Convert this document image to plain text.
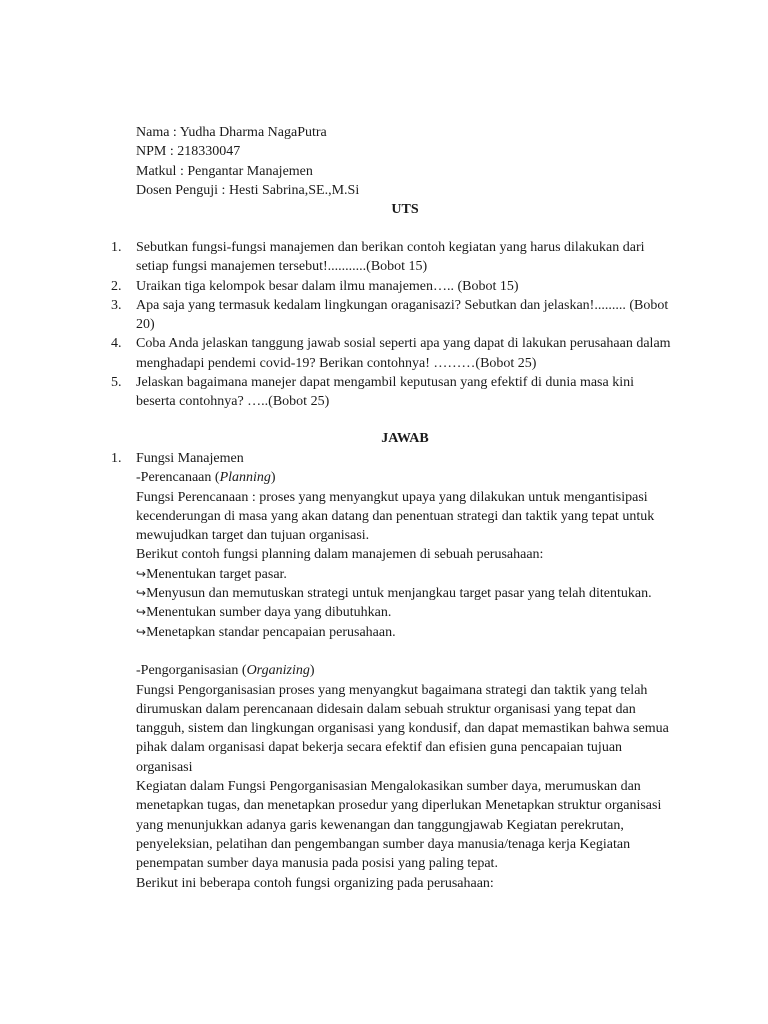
Nama : Yudha Dharma NagaPutra
NPM : 218330047
Matkul : Pengantar Manajemen
Dosen Penguji : Hesti Sabrina,SE.,M.Si
UTS
1. Sebutkan fungsi-fungsi manajemen dan berikan contoh kegiatan yang harus dilakukan dari setiap fungsi manajemen tersebut!...........(Bobot 15)
2. Uraikan tiga kelompok besar dalam ilmu manajemen….. (Bobot 15)
3. Apa saja yang termasuk kedalam lingkungan oraganisazi? Sebutkan dan jelaskan!......... (Bobot 20)
4. Coba Anda jelaskan tanggung jawab sosial seperti apa yang dapat di lakukan perusahaan dalam menghadapi pendemi covid-19? Berikan contohnya! ………(Bobot 25)
5. Jelaskan bagaimana manejer dapat mengambil keputusan yang efektif di dunia masa kini beserta contohnya? …..(Bobot 25)
JAWAB
1. Fungsi Manajemen

-Perencanaan (Planning)

Fungsi Perencanaan : proses yang menyangkut upaya yang dilakukan untuk mengantisipasi kecenderungan di masa yang akan datang dan penentuan strategi dan taktik yang tepat untuk mewujudkan target dan tujuan organisasi.

Berikut contoh fungsi planning dalam manajemen di sebuah perusahaan:

↪Menentukan target pasar.

↪Menyusun dan memutuskan strategi untuk menjangkau target pasar yang telah ditentukan.

↪Menentukan sumber daya yang dibutuhkan.

↪Menetapkan standar pencapaian perusahaan.

-Pengorganisasian (Organizing)

Fungsi Pengorganisasian proses yang menyangkut bagaimana strategi dan taktik yang telah dirumuskan dalam perencanaan didesain dalam sebuah struktur organisasi yang tepat dan tangguh, sistem dan lingkungan organisasi yang kondusif, dan dapat memastikan bahwa semua pihak dalam organisasi dapat bekerja secara efektif dan efisien guna pencapaian tujuan organisasi

Kegiatan dalam Fungsi Pengorganisasian Mengalokasikan sumber daya, merumuskan dan menetapkan tugas, dan menetapkan prosedur yang diperlukan Menetapkan struktur organisasi yang menunjukkan adanya garis kewenangan dan tanggungjawab Kegiatan perekrutan, penyeleksian, pelatihan dan pengembangan sumber daya manusia/tenaga kerja Kegiatan penempatan sumber daya manusia pada posisi yang paling tepat.

Berikut ini beberapa contoh fungsi organizing pada perusahaan:
